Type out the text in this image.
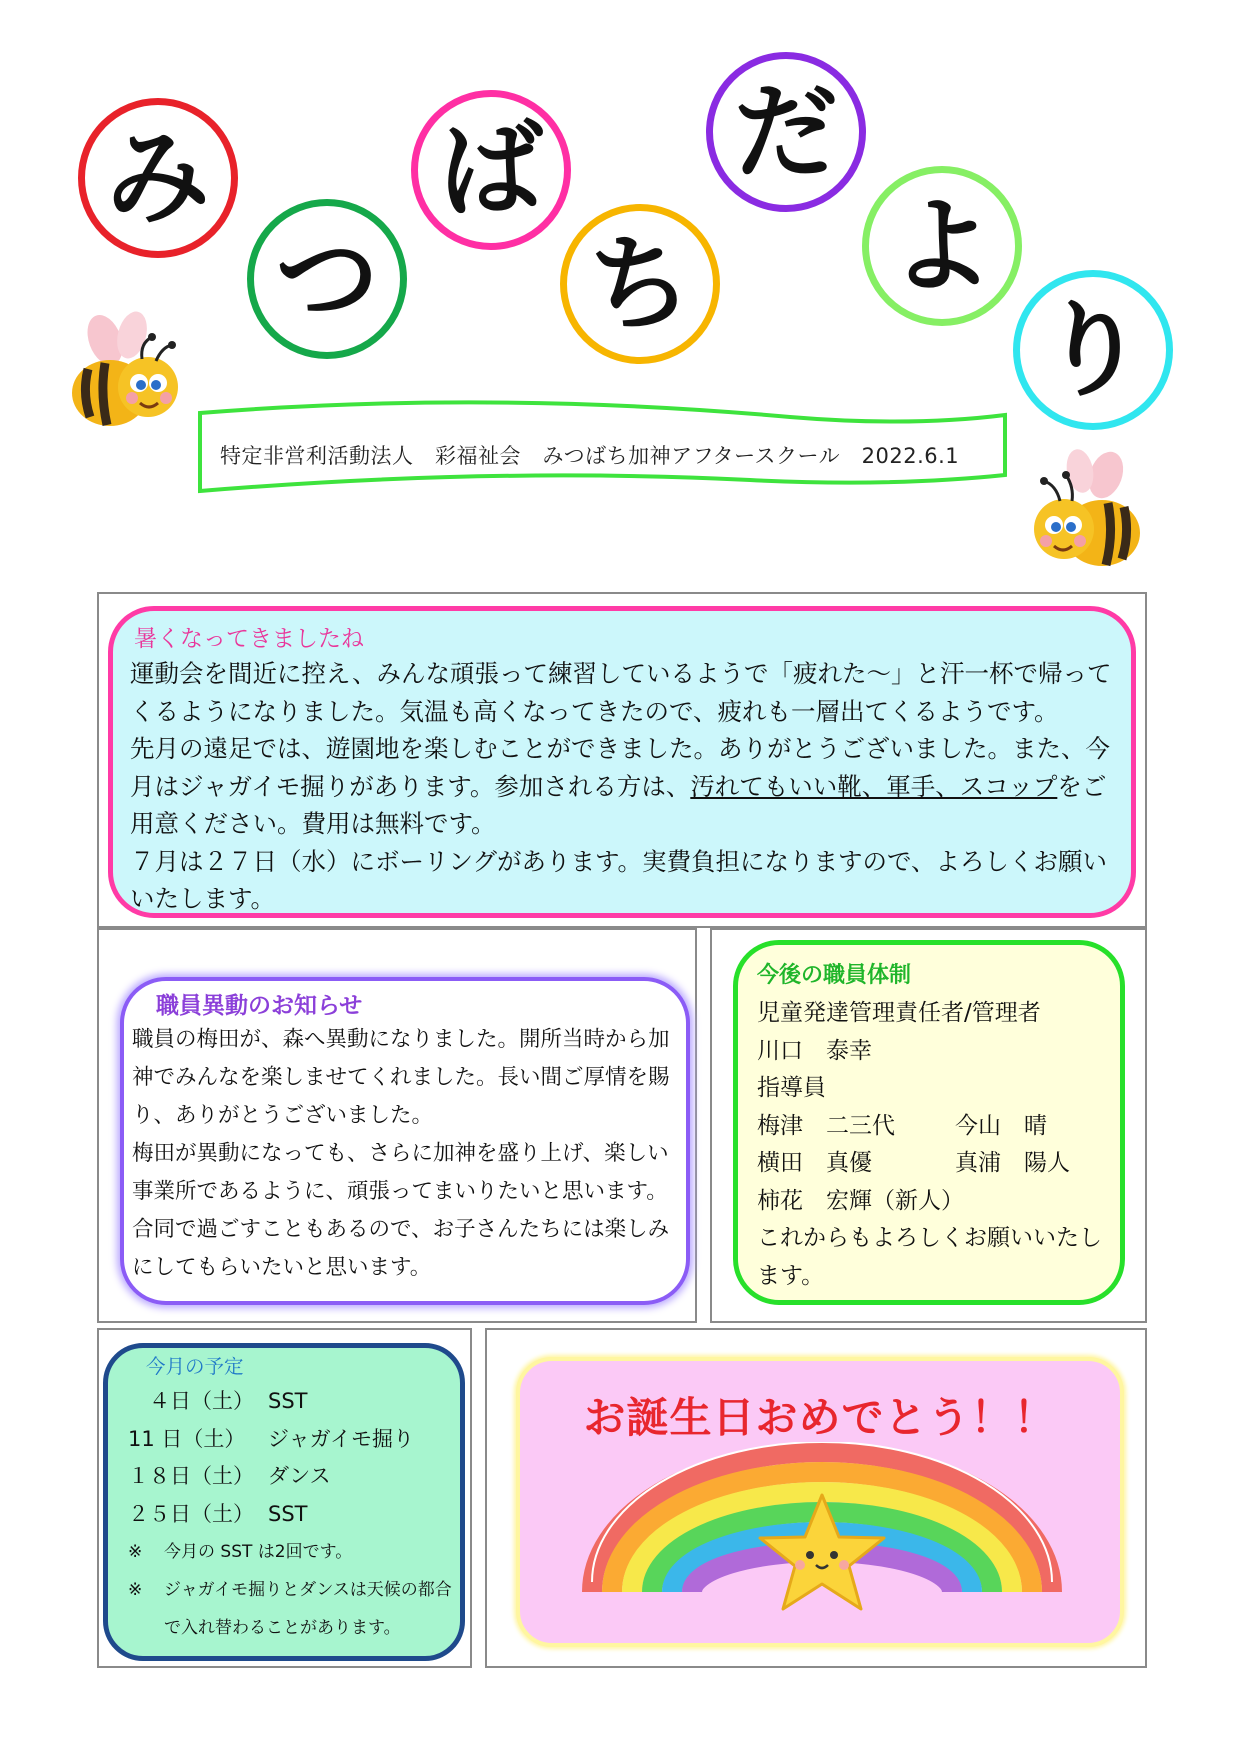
み
つ
ば
ち
だ
よ
り
特定非営利活動法人　彩福祉会　みつばち加神アフタースクール　2022.6.1
暑くなってきましたね

運動会を間近に控え、みんな頑張って練習しているようで「疲れた～」と汗一杯で帰ってくるようになりました。気温も高くなってきたので、疲れも一層出てくるようです。

先月の遠足では、遊園地を楽しむことができました。ありがとうございました。また、今月はジャガイモ掘りがあります。参加される方は、汚れてもいい靴、軍手、スコップをご用意ください。費用は無料です。

７月は２７日（水）にボーリングがあります。実費負担になりますので、よろしくお願いいたします。

職員異動のお知らせ

職員の梅田が、森へ異動になりました。開所当時から加神でみんなを楽しませてくれました。長い間ご厚情を賜り、ありがとうございました。

梅田が異動になっても、さらに加神を盛り上げ、楽しい事業所であるように、頑張ってまいりたいと思います。合同で過ごすこともあるので、お子さんたちには楽しみにしてもらいたいと思います。

今後の職員体制
児童発達管理責任者/管理者
川口　泰幸
指導員
梅津　二三代	今山　晴
横田　真優	真浦　陽人
柿花　宏輝（新人）
これからもよろしくお願いいたします。
今月の予定
　４日（土） SST
11 日（土）	ジャガイモ掘り
１８日（土） ダンス
２５日（土） SST
※	今月の SST は2回です。
※	ジャガイモ掘りとダンスは天候の都合で入れ替わることがあります。
お誕生日おめでとう！！
